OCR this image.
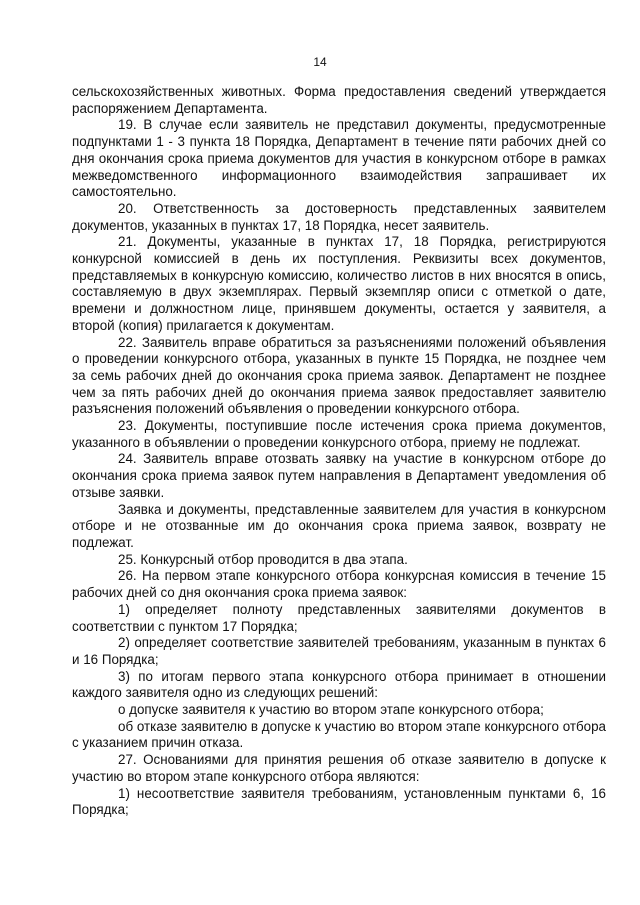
14

сельскохозяйственных животных. Форма предоставления сведений утверждается распоряжением Департамента.

19. В случае если заявитель не представил документы, предусмотренные подпунктами 1 - 3 пункта 18 Порядка, Департамент в течение пяти рабочих дней со дня окончания срока приема документов для участия в конкурсном отборе в рамках межведомственного информационного взаимодействия запрашивает их самостоятельно.

20. Ответственность за достоверность представленных заявителем документов, указанных в пунктах 17, 18 Порядка, несет заявитель.

21. Документы, указанные в пунктах 17, 18 Порядка, регистрируются конкурсной комиссией в день их поступления. Реквизиты всех документов, представляемых в конкурсную комиссию, количество листов в них вносятся в опись, составляемую в двух экземплярах. Первый экземпляр описи с отметкой о дате, времени и должностном лице, принявшем документы, остается у заявителя, а второй (копия) прилагается к документам.

22. Заявитель вправе обратиться за разъяснениями положений объявления о проведении конкурсного отбора, указанных в пункте 15 Порядка, не позднее чем за семь рабочих дней до окончания срока приема заявок. Департамент не позднее чем за пять рабочих дней до окончания приема заявок предоставляет заявителю разъяснения положений объявления о проведении конкурсного отбора.

23. Документы, поступившие после истечения срока приема документов, указанного в объявлении о проведении конкурсного отбора, приему не подлежат.

24. Заявитель вправе отозвать заявку на участие в конкурсном отборе до окончания срока приема заявок путем направления в Департамент уведомления об отзыве заявки.

Заявка и документы, представленные заявителем для участия в конкурсном отборе и не отозванные им до окончания срока приема заявок, возврату не подлежат.

25. Конкурсный отбор проводится в два этапа.

26. На первом этапе конкурсного отбора конкурсная комиссия в течение 15 рабочих дней со дня окончания срока приема заявок:

1) определяет полноту представленных заявителями документов в соответствии с пунктом 17 Порядка;

2) определяет соответствие заявителей требованиям, указанным в пунктах 6 и 16 Порядка;

3) по итогам первого этапа конкурсного отбора принимает в отношении каждого заявителя одно из следующих решений:

о допуске заявителя к участию во втором этапе конкурсного отбора;

об отказе заявителю в допуске к участию во втором этапе конкурсного отбора с указанием причин отказа.

27. Основаниями для принятия решения об отказе заявителю в допуске к участию во втором этапе конкурсного отбора являются:

1) несоответствие заявителя требованиям, установленным пунктами 6, 16 Порядка;
